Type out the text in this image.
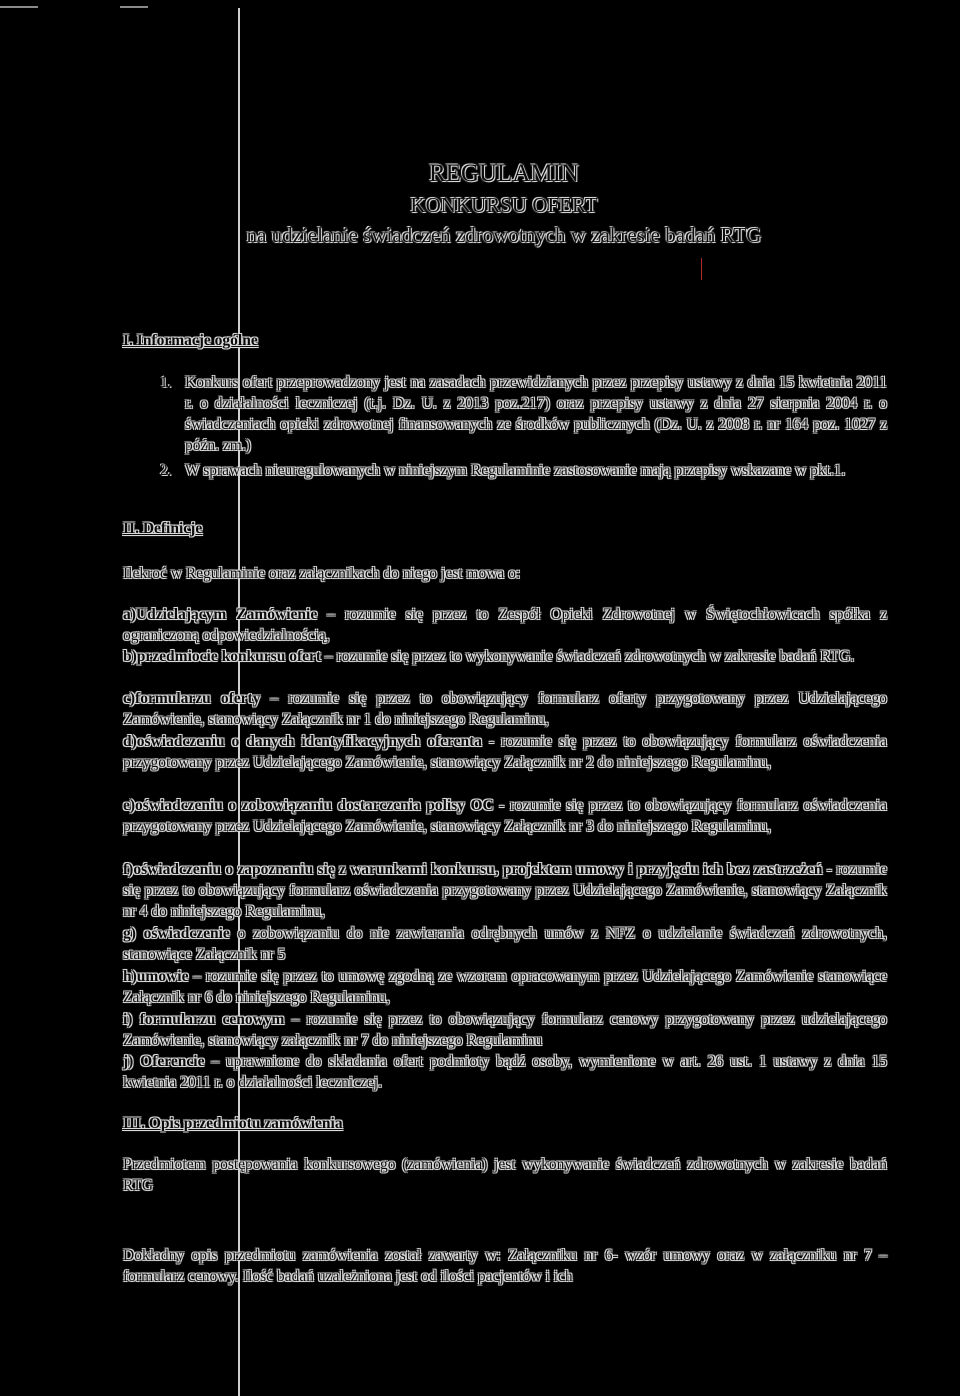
REGULAMIN

KONKURSU OFERT

na udzielanie świadczeń zdrowotnych w zakresie badań RTG

I. Informacje ogólne
1. Konkurs ofert przeprowadzony jest na zasadach przewidzianych przez przepisy ustawy z dnia 15 kwietnia 2011 r. o działalności leczniczej (t.j. Dz. U. z 2013 poz.217) oraz przepisy ustawy z dnia 27 sierpnia 2004 r. o świadczeniach opieki zdrowotnej finansowanych ze środków publicznych (Dz. U. z 2008 r. nr 164 poz. 1027 z późn. zm.)
2. W sprawach nieuregulowanych w niniejszym Regulaminie zastosowanie mają przepisy wskazane w pkt.1.
II. Definicje
Ilekroć w Regulaminie oraz załącznikach do niego jest mowa o:
a)Udzielającym Zamówienie – rozumie się przez to Zespół Opieki Zdrowotnej w Świętochłowicach spółka z ograniczoną odpowiedzialnością,
b)przedmiocie konkursu ofert – rozumie się przez to wykonywanie świadczeń zdrowotnych w zakresie badań RTG.
c)formularzu oferty – rozumie się przez to obowiązujący formularz oferty przygotowany przez Udzielającego Zamówienie, stanowiący Załącznik nr 1 do niniejszego Regulaminu,
d)oświadczeniu o danych identyfikacyjnych oferenta - rozumie się przez to obowiązujący formularz oświadczenia przygotowany przez Udzielającego Zamówienie, stanowiący Załącznik nr 2 do niniejszego Regulaminu,
e)oświadczeniu o zobowiązaniu dostarczenia polisy OC - rozumie się przez to obowiązujący formularz oświadczenia przygotowany przez Udzielającego Zamówienie, stanowiący Załącznik nr 3 do niniejszego Regulaminu,
f)oświadczeniu o zapoznaniu się z warunkami konkursu, projektem umowy i przyjęciu ich bez zastrzeżeń - rozumie się przez to obowiązujący formularz oświadczenia przygotowany przez Udzielającego Zamówienie, stanowiący Załącznik nr 4 do niniejszego Regulaminu,
g) oświadczenie o zobowiązaniu do nie zawierania odrębnych umów z NFZ o udzielanie świadczeń zdrowotnych, stanowiące Załącznik nr 5
h)umowie – rozumie się przez to umowę zgodną ze wzorem opracowanym przez Udzielającego Zamówienie stanowiące Załącznik nr 6 do niniejszego Regulaminu,
i) formularzu cenowym – rozumie się przez to obowiązujący formularz cenowy przygotowany przez udzielającego Zamówienie, stanowiący załącznik nr 7 do niniejszego Regulaminu
j) Oferencie – uprawnione do składania ofert podmioty bądź osoby, wymienione w art. 26 ust. 1 ustawy z dnia 15 kwietnia 2011 r. o działalności leczniczej.
III. Opis przedmiotu zamówienia
Przedmiotem postępowania konkursowego (zamówienia) jest wykonywanie świadczeń zdrowotnych w zakresie badań RTG
Dokładny opis przedmiotu zamówienia został zawarty w: Załączniku nr 6- wzór umowy oraz w załączniku nr 7 – formularz cenowy. Ilość badań uzależniona jest od ilości pacjentów i ich
